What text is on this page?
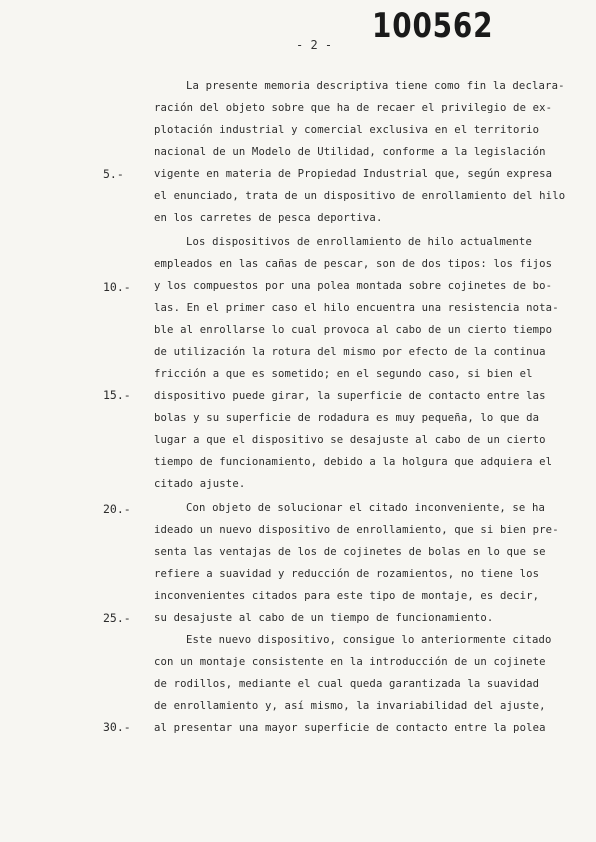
100562
- 2 -
5.-
10.-
15.-
20.-
25.-
30.-
La presente memoria descriptiva tiene como fin la declara-
ración del objeto sobre que ha de recaer el privilegio de ex-
plotación industrial y comercial exclusiva en el territorio
nacional de un Modelo de Utilidad, conforme a la legislación
vigente en materia de Propiedad Industrial que, según expresa
el enunciado, trata de un dispositivo de enrollamiento del hilo
en los carretes de pesca deportiva.
Los dispositivos de enrollamiento de hilo actualmente
empleados en las cañas de pescar, son de dos tipos: los fijos
y los compuestos por una polea montada sobre cojinetes de bo-
las. En el primer caso el hilo encuentra una resistencia nota-
ble al enrollarse lo cual provoca al cabo de un cierto tiempo
de utilización la rotura del mismo por efecto de la continua
fricción a que es sometido; en el segundo caso, si bien el
dispositivo puede girar, la superficie de contacto entre las
bolas y su superficie de rodadura es muy pequeña, lo que da
lugar a que el dispositivo se desajuste al cabo de un cierto
tiempo de funcionamiento, debido a la holgura que adquiera el
citado ajuste.
Con objeto de solucionar el citado inconveniente, se ha
ideado un nuevo dispositivo de enrollamiento, que si bien pre-
senta las ventajas de los de cojinetes de bolas en lo que se
refiere a suavidad y reducción de rozamientos, no tiene los
inconvenientes citados para este tipo de montaje, es decir,
su desajuste al cabo de un tiempo de funcionamiento.
Este nuevo dispositivo, consigue lo anteriormente citado
con un montaje consistente en la introducción de un cojinete
de rodillos, mediante el cual queda garantizada la suavidad
de enrollamiento y, así mismo, la invariabilidad del ajuste,
al presentar una mayor superficie de contacto entre la polea
